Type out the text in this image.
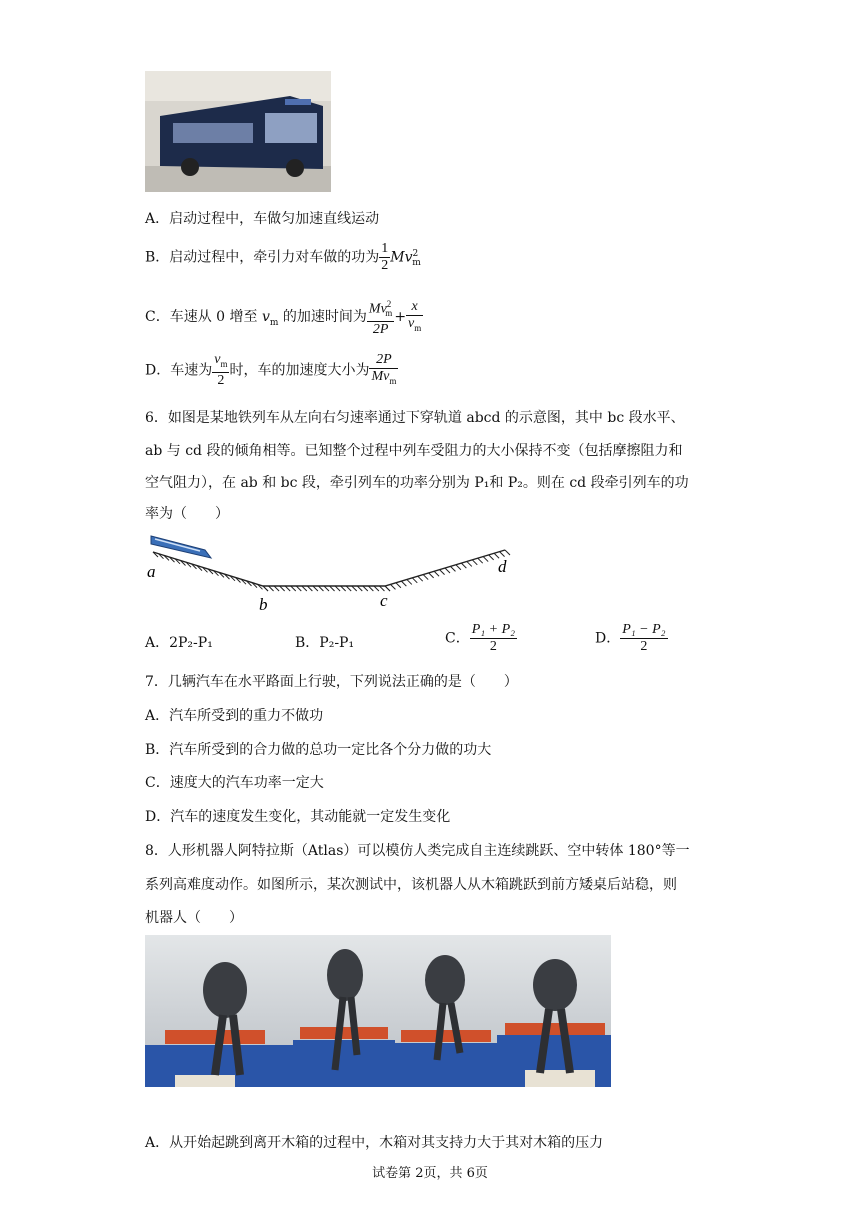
A．启动过程中，车做匀加速直线运动
B．启动过程中，牵引力对车做的功为 $\frac{1}{2} Mv^2_m$
C．车速从 0 增至 $v_m$ 的加速时间为 $\frac{Mv^2_m}{2P} + \frac{x}{v_m}$
D．车速为 $\frac{v_m}{2}$ 时，车的加速度大小为 $\frac{2P}{Mv_m}$
6．如图是某地铁列车从左向右匀速率通过下穿轨道 abcd 的示意图，其中 bc 段水平、
ab 与 cd 段的倾角相等。已知整个过程中列车受阻力的大小保持不变（包括摩擦阻力和
空气阻力），在 ab 和 bc 段，牵引列车的功率分别为 P₁和 P₂。则在 cd 段牵引列车的功
率为（　　）
a
b	c
d
A．2P₂-P₁	B．P₂-P₁	C． $\frac{\text{P₁ + P₂}}{2}$	D． $\frac{\text{P₁ − P₂}}{2}$
7．几辆汽车在水平路面上行驶，下列说法正确的是（　　）
A．汽车所受到的重力不做功
B．汽车所受到的合力做的总功一定比各个分力做的功大
C．速度大的汽车功率一定大
D．汽车的速度发生变化，其动能就一定发生变化
8．人形机器人阿特拉斯（Atlas）可以模仿人类完成自主连续跳跃、空中转体 180°等一
系列高难度动作。如图所示，某次测试中，该机器人从木箱跳跃到前方矮桌后站稳，则
机器人（　　）
A．从开始起跳到离开木箱的过程中，木箱对其支持力大于其对木箱的压力
试卷第 2页，共 6页
